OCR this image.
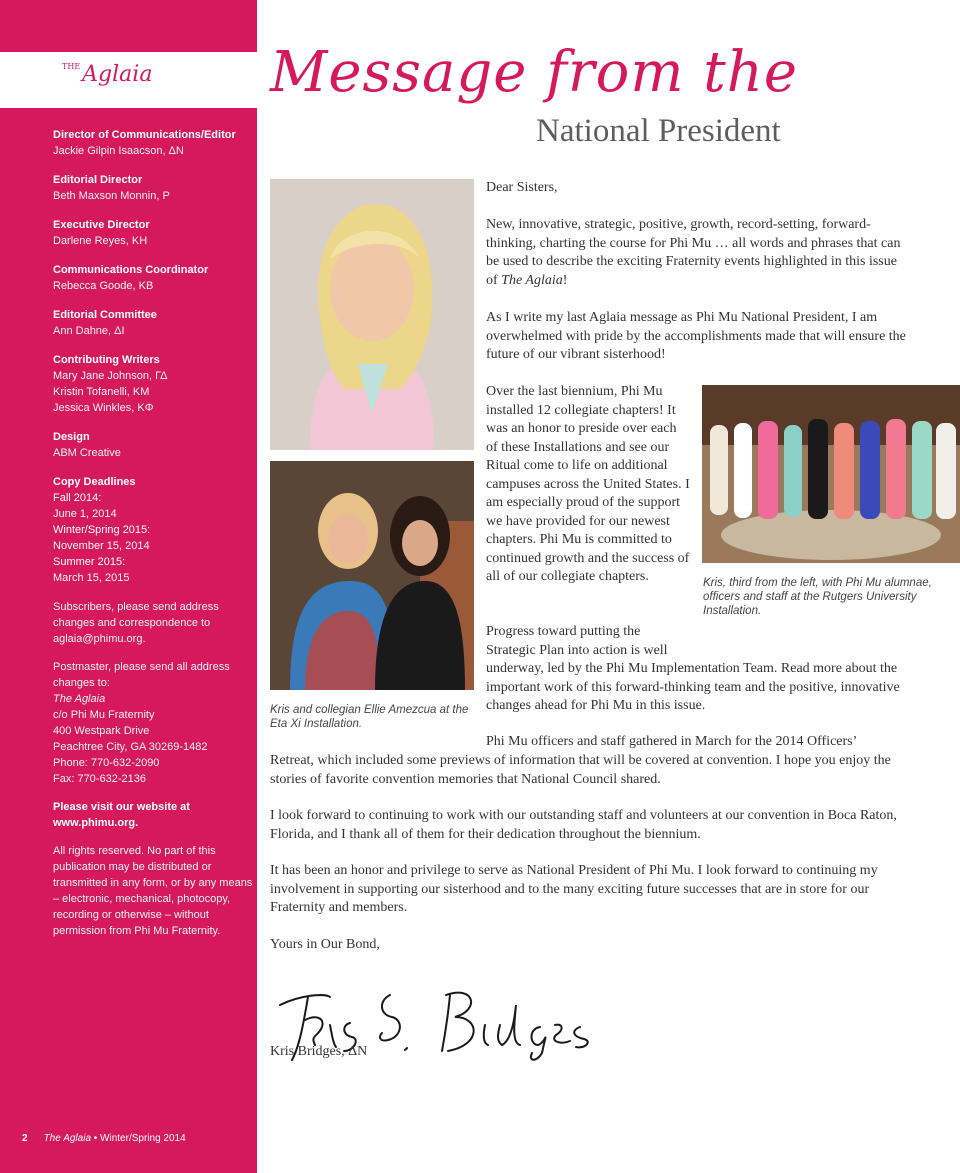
$^{THE}$Aglaia
Director of Communications/Editor
Jackie Gilpin Isaacson, ΔN
Editorial Director
Beth Maxson Monnin, P
Executive Director
Darlene Reyes, KH
Communications Coordinator
Rebecca Goode, KB
Editorial Committee
Ann Dahne, ΔI
Contributing Writers
Mary Jane Johnson, ΓΔ
Kristin Tofanelli, KM
Jessica Winkles, KΦ
Design
ABM Creative
Copy Deadlines
Fall 2014:
June 1, 2014
Winter/Spring 2015:
November 15, 2014
Summer 2015:
March 15, 2015
Subscribers, please send address changes and correspondence to aglaia@phimu.org.
Postmaster, please send all address changes to:
The Aglaia
c/o Phi Mu Fraternity
400 Westpark Drive
Peachtree City, GA 30269-1482
Phone: 770-632-2090
Fax: 770-632-2136
Please visit our website at www.phimu.org.
All rights reserved. No part of this publication may be distributed or transmitted in any form, or by any means – electronic, mechanical, photocopy, recording or otherwise – without permission from Phi Mu Fraternity.
2 The Aglaia • Winter/Spring 2014
Message from the
National President
Kris and collegian Ellie Amezcua at the Eta Xi Installation.
Kris, third from the left, with Phi Mu alumnae, officers and staff at the Rutgers University Installation.
Dear Sisters,
New, innovative, strategic, positive, growth, record-setting, forward-thinking, charting the course for Phi Mu … all words and phrases that can be used to describe the exciting Fraternity events highlighted in this issue of The Aglaia!
As I write my last Aglaia message as Phi Mu National President, I am overwhelmed with pride by the accomplishments made that will ensure the future of our vibrant sisterhood!
Over the last biennium, Phi Mu installed 12 collegiate chapters! It was an honor to preside over each of these Installations and see our Ritual come to life on additional campuses across the United States. I am especially proud of the support we have provided for our newest chapters. Phi Mu is committed to continued growth and the success of all of our collegiate chapters.
Progress toward putting the Strategic Plan into action is well
underway, led by the Phi Mu Implementation Team. Read more about the important work of this forward-thinking team and the positive, innovative changes ahead for Phi Mu in this issue.
Phi Mu officers and staff gathered in March for the 2014 Officers’
Retreat, which included some previews of information that will be covered at convention. I hope you enjoy the stories of favorite convention memories that National Council shared.
I look forward to continuing to work with our outstanding staff and volunteers at our convention in Boca Raton, Florida, and I thank all of them for their dedication throughout the biennium.
It has been an honor and privilege to serve as National President of Phi Mu. I look forward to continuing my involvement in supporting our sisterhood and to the many exciting future successes that are in store for our Fraternity and members.
Yours in Our Bond,
Kris Bridges, ΔN
